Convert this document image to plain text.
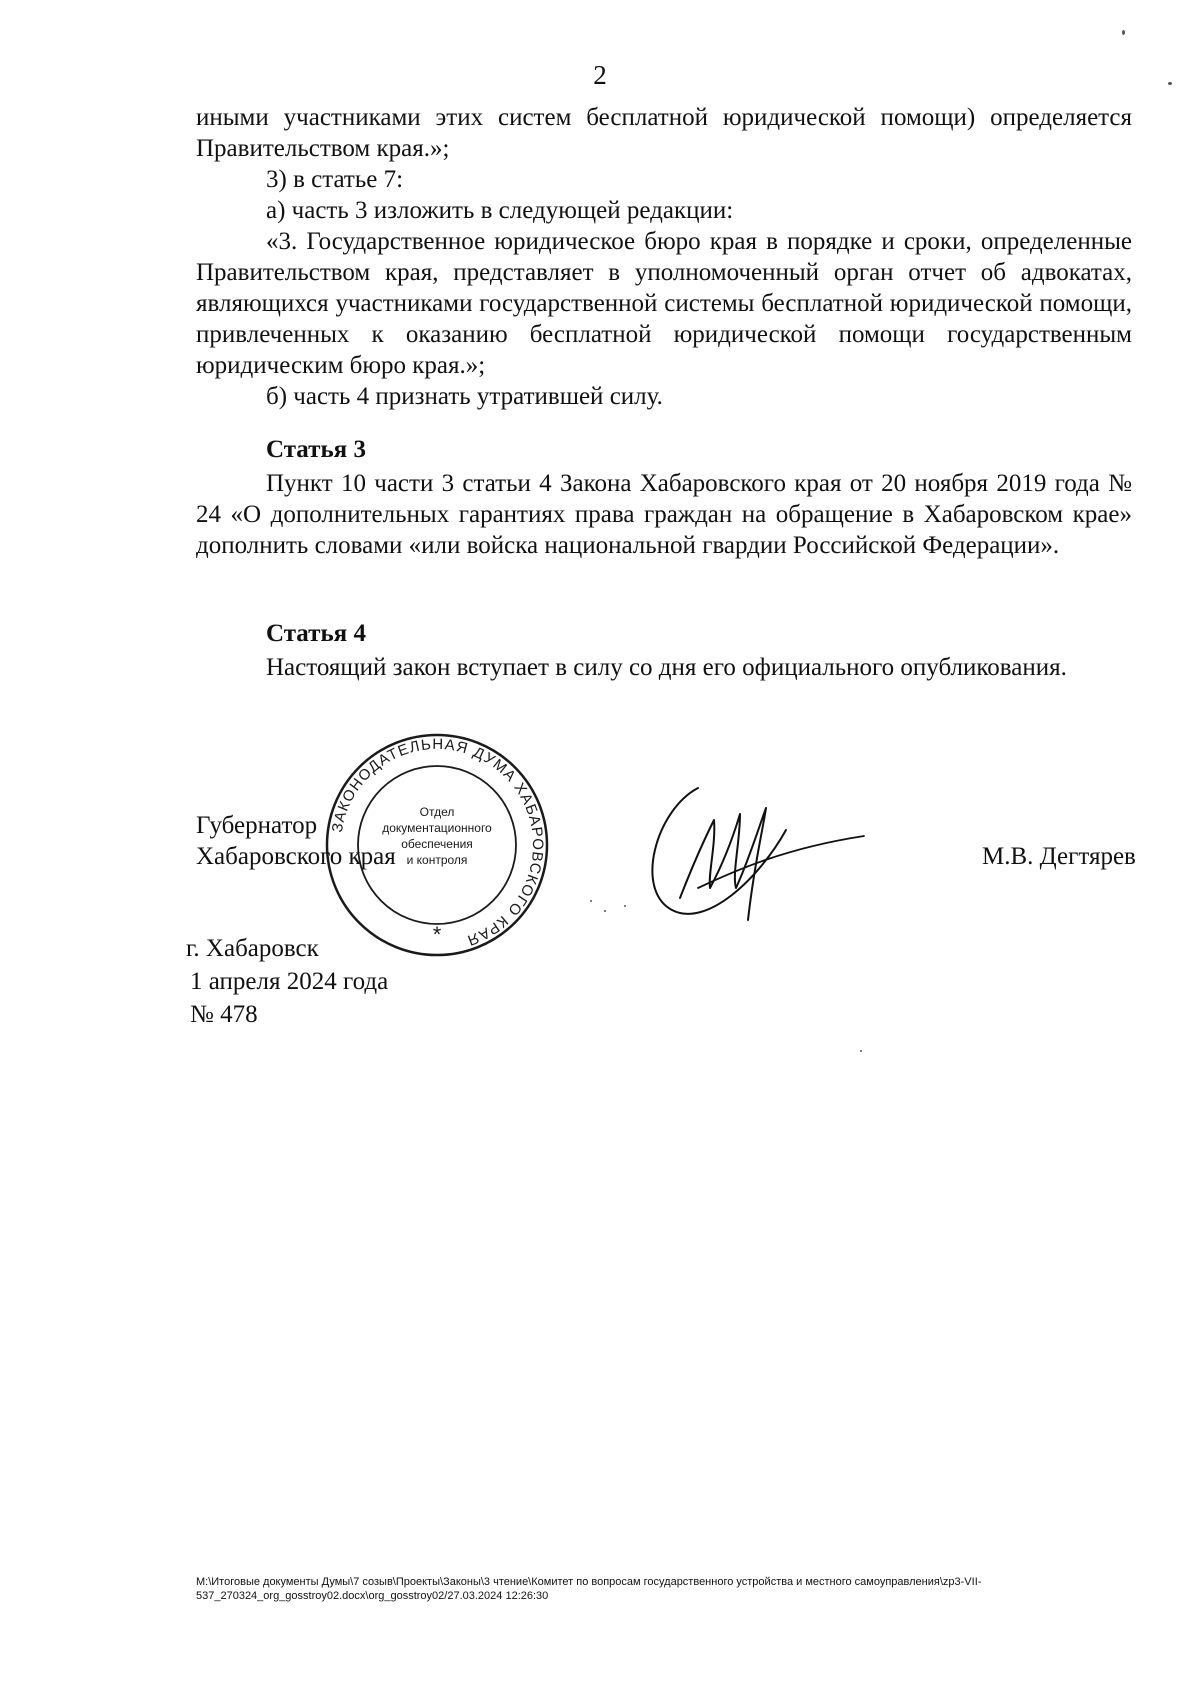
2

иными участниками этих систем бесплатной юридической помощи) определяется Правительством края.»;

3) в статье 7:

а) часть 3 изложить в следующей редакции:

«3. Государственное юридическое бюро края в порядке и сроки, определенные Правительством края, представляет в уполномоченный орган отчет об адвокатах, являющихся участниками государственной системы бесплатной юридической помощи, привлеченных к оказанию бесплатной юридической помощи государственным юридическим бюро края.»;

б) часть 4 признать утратившей силу.

Статья 3

Пункт 10 части 3 статьи 4 Закона Хабаровского края от 20 ноября 2019 года № 24 «О дополнительных гарантиях права граждан на обращение в Хабаровском крае» дополнить словами «или войска национальной гвардии Российской Федерации».

Статья 4

Настоящий закон вступает в силу со дня его официального опубликования.

Губернатор
Хабаровского края	М.В. Дегтярев
ЗАКОНОДАТЕЛЬНАЯ ДУМА ХАБАРОВСКОГО КРАЯ
Отдел
документационного
обеспечения
и контроля
*
г. Хабаровск
1 апреля 2024 года
№ 478
M:\Итоговые документы Думы\7 созыв\Проекты\Законы\3 чтение\Комитет по вопросам государственного устройства и местного самоуправления\zp3-VII-537_270324_org_gosstroy02.docx\org_gosstroy02/27.03.2024 12:26:30
